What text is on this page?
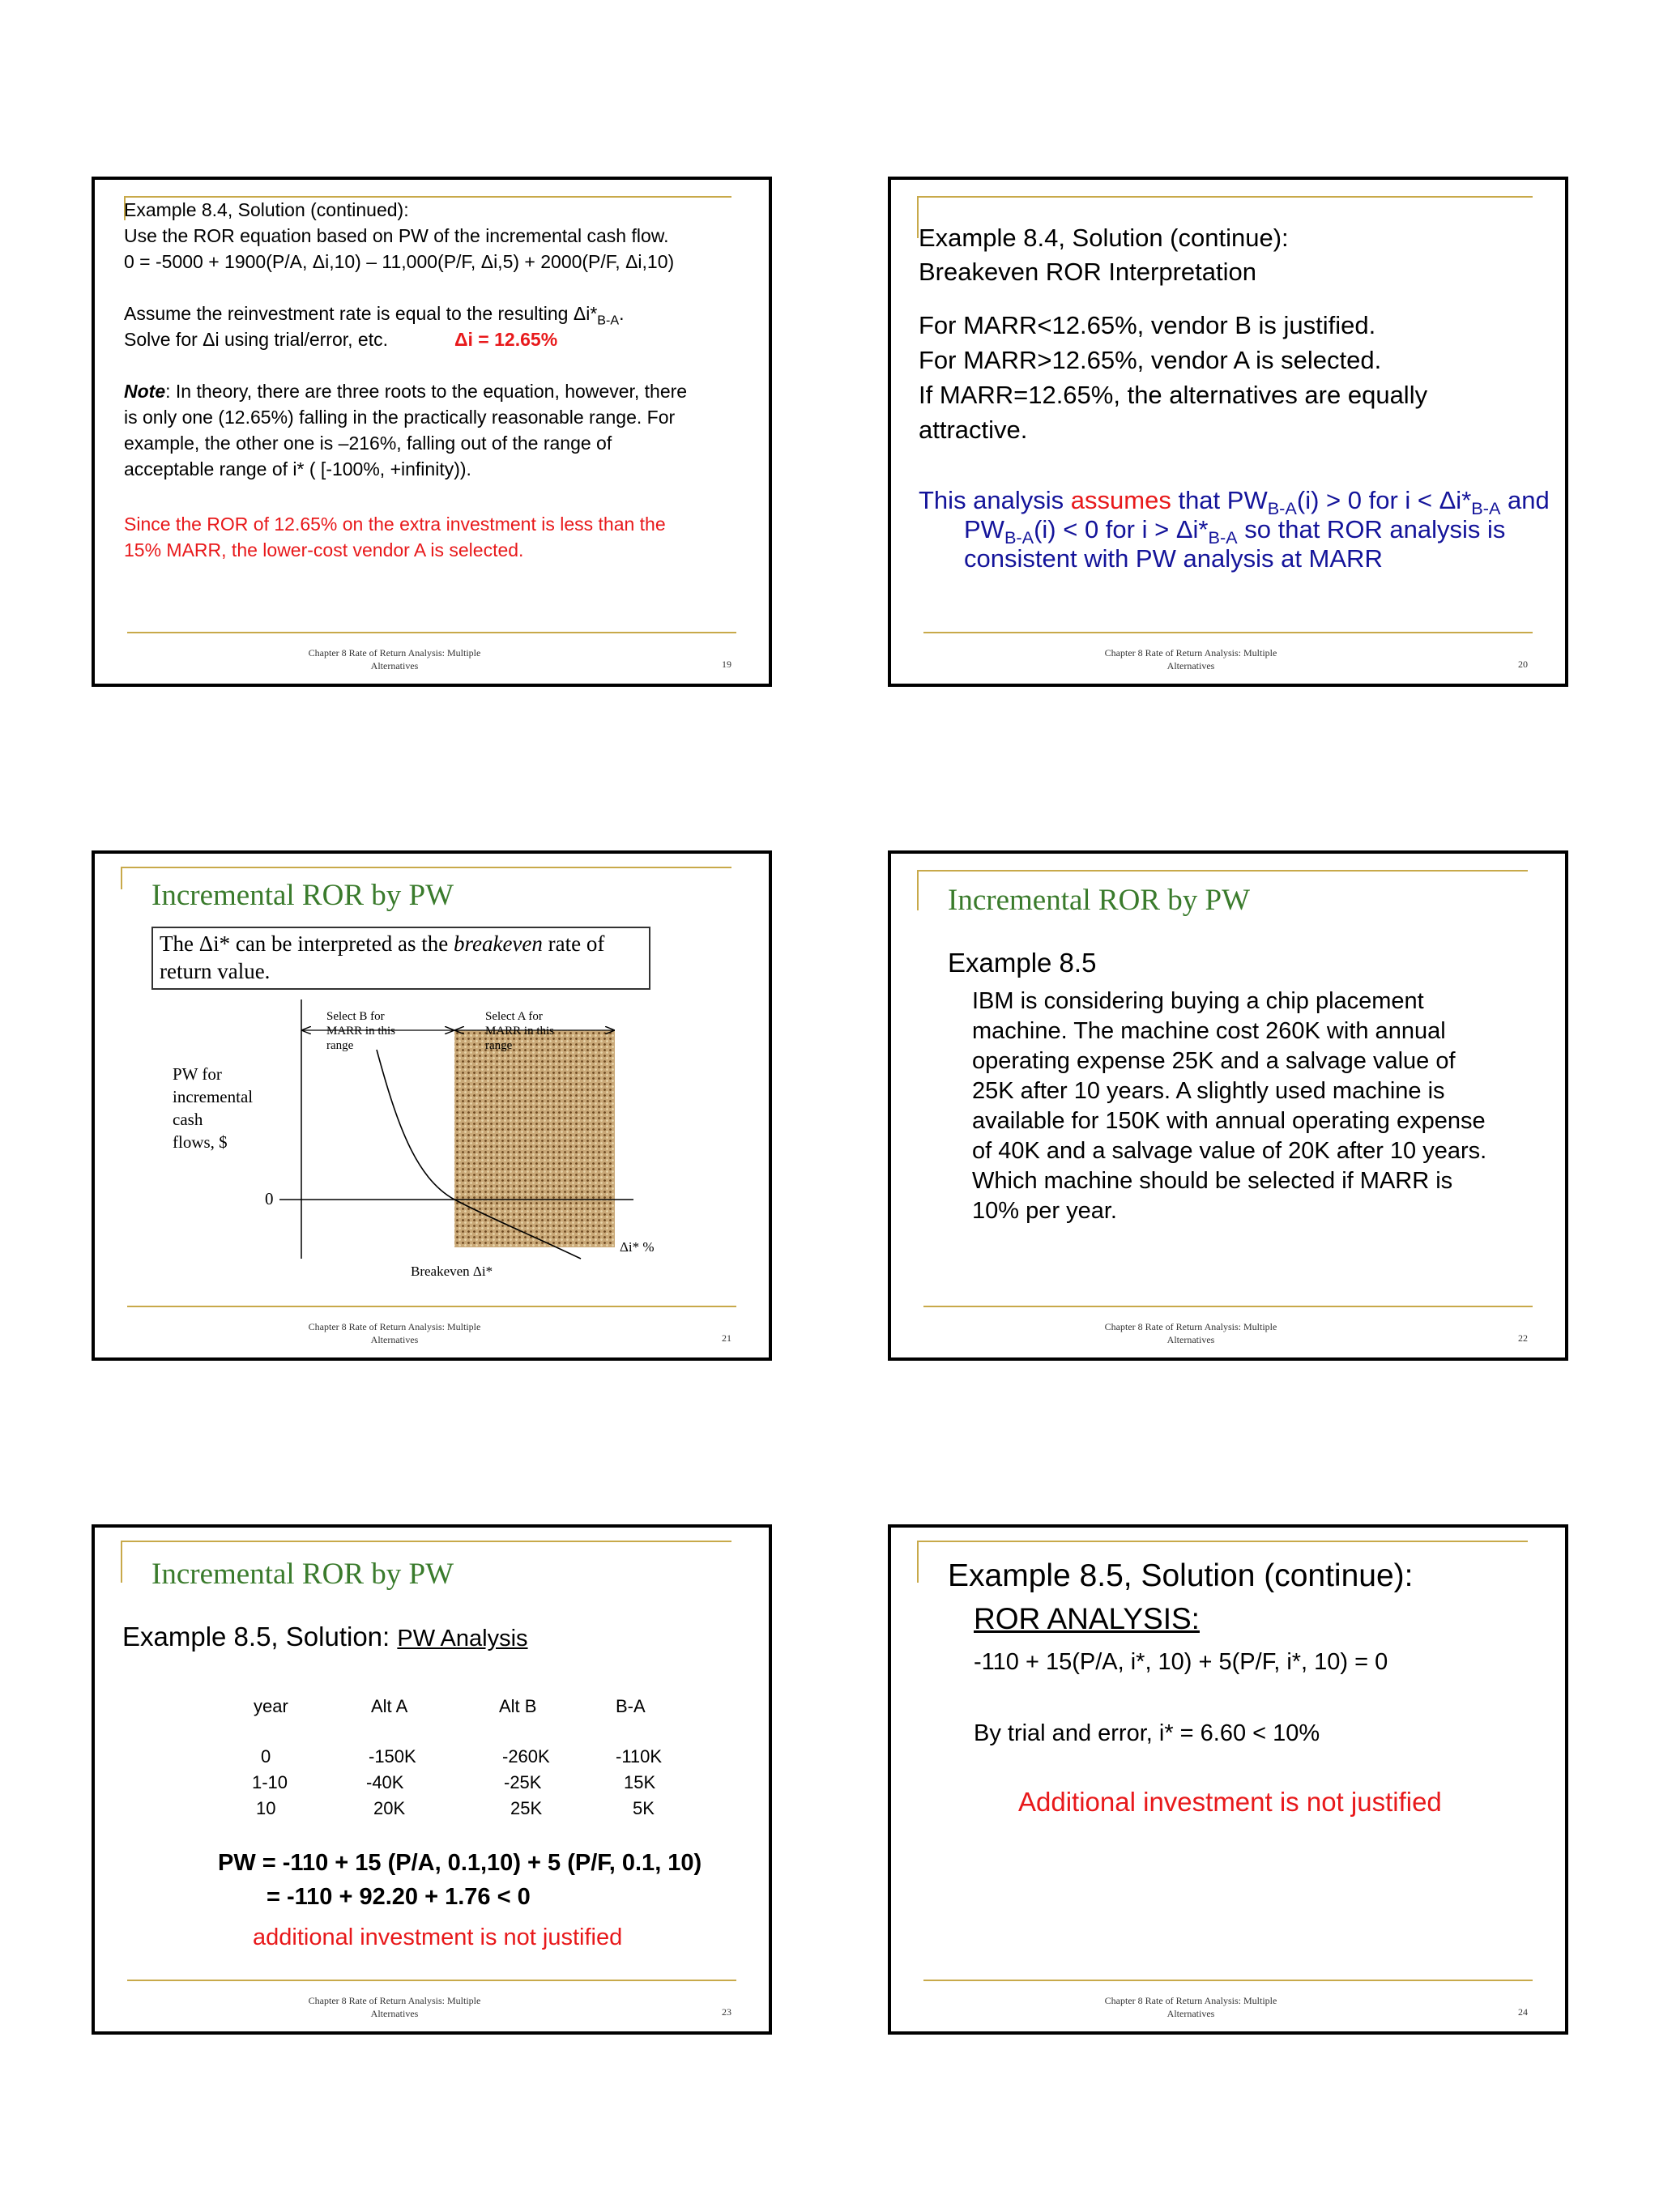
Example 8.4, Solution (continued):
Use the ROR equation based on PW of the incremental cash flow.
0 = -5000 + 1900(P/A, Δi,10) – 11,000(P/F, Δi,5) + 2000(P/F, Δi,10)
Assume the reinvestment rate is equal to the resulting $\Delta i*_{B-A}$.
Solve for Δi using trial/error, etc.	Δi = 12.65%
Note: In theory, there are three roots to the equation, however, there
is only one (12.65%) falling in the practically reasonable range. For
example, the other one is –216%, falling out of the range of
acceptable range of i* ( [-100%, +infinity)).
Since the ROR of 12.65% on the extra investment is less than the
15% MARR, the lower-cost vendor A is selected.
Chapter 8 Rate of Return Analysis: Multiple
Alternatives	19
Example 8.4, Solution (continue):
Breakeven ROR Interpretation
For MARR<12.65%, vendor B is justified.
For MARR>12.65%, vendor A is selected.
If MARR=12.65%, the alternatives are equally
attractive.
This analysis assumes that $PW_{B-A}(i) > 0$ for $i < \Delta i*_{B-A}$ and
$PW_{B-A}(i) < 0$ for $i > \Delta i*_{B-A}$ so that ROR analysis is
consistent with PW analysis at MARR
Chapter 8 Rate of Return Analysis: Multiple
Alternatives	20
Incremental ROR by PW
The Δi* can be interpreted as the breakeven rate of
return value.
Select B for
MARR in this
range
Select A for
MARR in this
range
PW for
incremental
cash
flows, $
0
Δi* %
Breakeven Δi*
Chapter 8 Rate of Return Analysis: Multiple
Alternatives	21
Incremental ROR by PW
Example 8.5
IBM is considering buying a chip placement
machine. The machine cost 260K with annual
operating expense 25K and a salvage value of
25K after 10 years. A slightly used machine is
available for 150K with annual operating expense
of 40K and a salvage value of 20K after 10 years.
Which machine should be selected if MARR is
10% per year.
Chapter 8 Rate of Return Analysis: Multiple
Alternatives	22
Incremental ROR by PW
Example 8.5, Solution: PW Analysis
year	Alt A	Alt B	B-A
0	-150K	-260K	-110K
1-10	-40K	-25K	15K
10	20K	25K	5K
PW = -110 + 15 (P/A, 0.1,10) + 5 (P/F, 0.1, 10)
= -110 + 92.20 + 1.76 < 0
additional investment is not justified
Chapter 8 Rate of Return Analysis: Multiple
Alternatives	23
Example 8.5, Solution (continue):
ROR ANALYSIS:
-110 + 15(P/A, i*, 10) + 5(P/F, i*, 10) = 0
By trial and error, i* = 6.60 < 10%
Additional investment is not justified
Chapter 8 Rate of Return Analysis: Multiple
Alternatives	24
